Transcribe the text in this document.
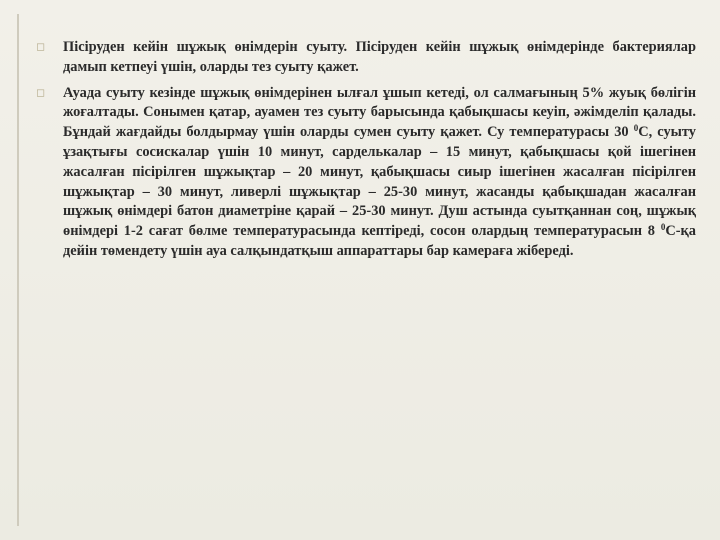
◻ Пісіруден кейін шұжық өнімдерін суыту. Пісіруден кейін шұжық өнімдерінде бактериялар дамып кетпеуі үшін, оларды тез суыту қажет.

◻ Ауада суыту кезінде шұжық өнімдерінен ылғал ұшып кетеді, ол салмағының 5% жуық бөлігін жоғалтады. Сонымен қатар, ауамен тез суыту барысында қабықшасы кеуіп, әжімделіп қалады. Бұндай жағдайды болдырмау үшін оларды сумен суыту қажет. Су температурасы 30 $^0$С, суыту ұзақтығы сосискалар үшін 10 минут, сарделькалар – 15 минут, қабықшасы қой ішегінен жасалған пісірілген шұжықтар – 20 минут, қабықшасы сиыр ішегінен жасалған пісірілген шұжықтар – 30 минут, ливерлі шұжықтар – 25-30 минут, жасанды қабықшадан жасалған шұжық өнімдері батон диаметріне қарай – 25-30 минут. Душ астында суытқаннан соң, шұжық өнімдері 1-2 сағат бөлме температурасында кептіреді, сосон олардың температурасын 8 $^0$С-қа дейін төмендету үшін ауа салқындатқыш аппараттары бар камераға жібереді.
